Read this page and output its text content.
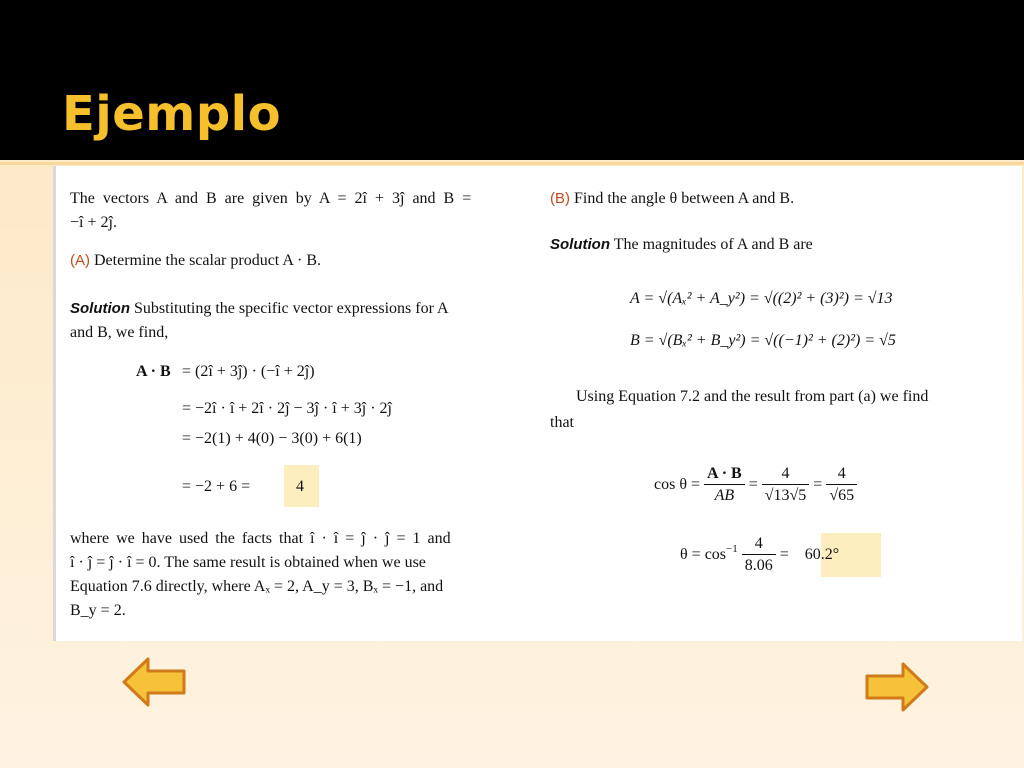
Ejemplo
The vectors A and B are given by A = 2î + 3ĵ and B =
−î + 2ĵ.
(A) Determine the scalar product A · B.
Solution Substituting the specific vector expressions for A
and B, we find,
A · B = (2î + 3ĵ) · (−î + 2ĵ)
= −2î · î + 2î · 2ĵ − 3ĵ · î + 3ĵ · 2ĵ
= −2(1) + 4(0) − 3(0) + 6(1)
= −2 + 6 =	4
where we have used the facts that î · î = ĵ · ĵ = 1 and
î · ĵ = ĵ · î = 0. The same result is obtained when we use
Equation 7.6 directly, where Aₓ = 2, A_y = 3, Bₓ = −1, and
B_y = 2.
(B) Find the angle θ between A and B.
Solution The magnitudes of A and B are
A = √(Aₓ² + A_y²) = √((2)² + (3)²) = √13
B = √(Bₓ² + B_y²) = √((−1)² + (2)²) = √5
Using Equation 7.2 and the result from part (a) we find
that
$\cos \theta = \frac{A \cdot B}{AB} = \frac{4}{√13√5} = \frac{4}{√65}$
$\theta = \cos^{-1} \frac{4}{8.06} = 60.2^\circ$
